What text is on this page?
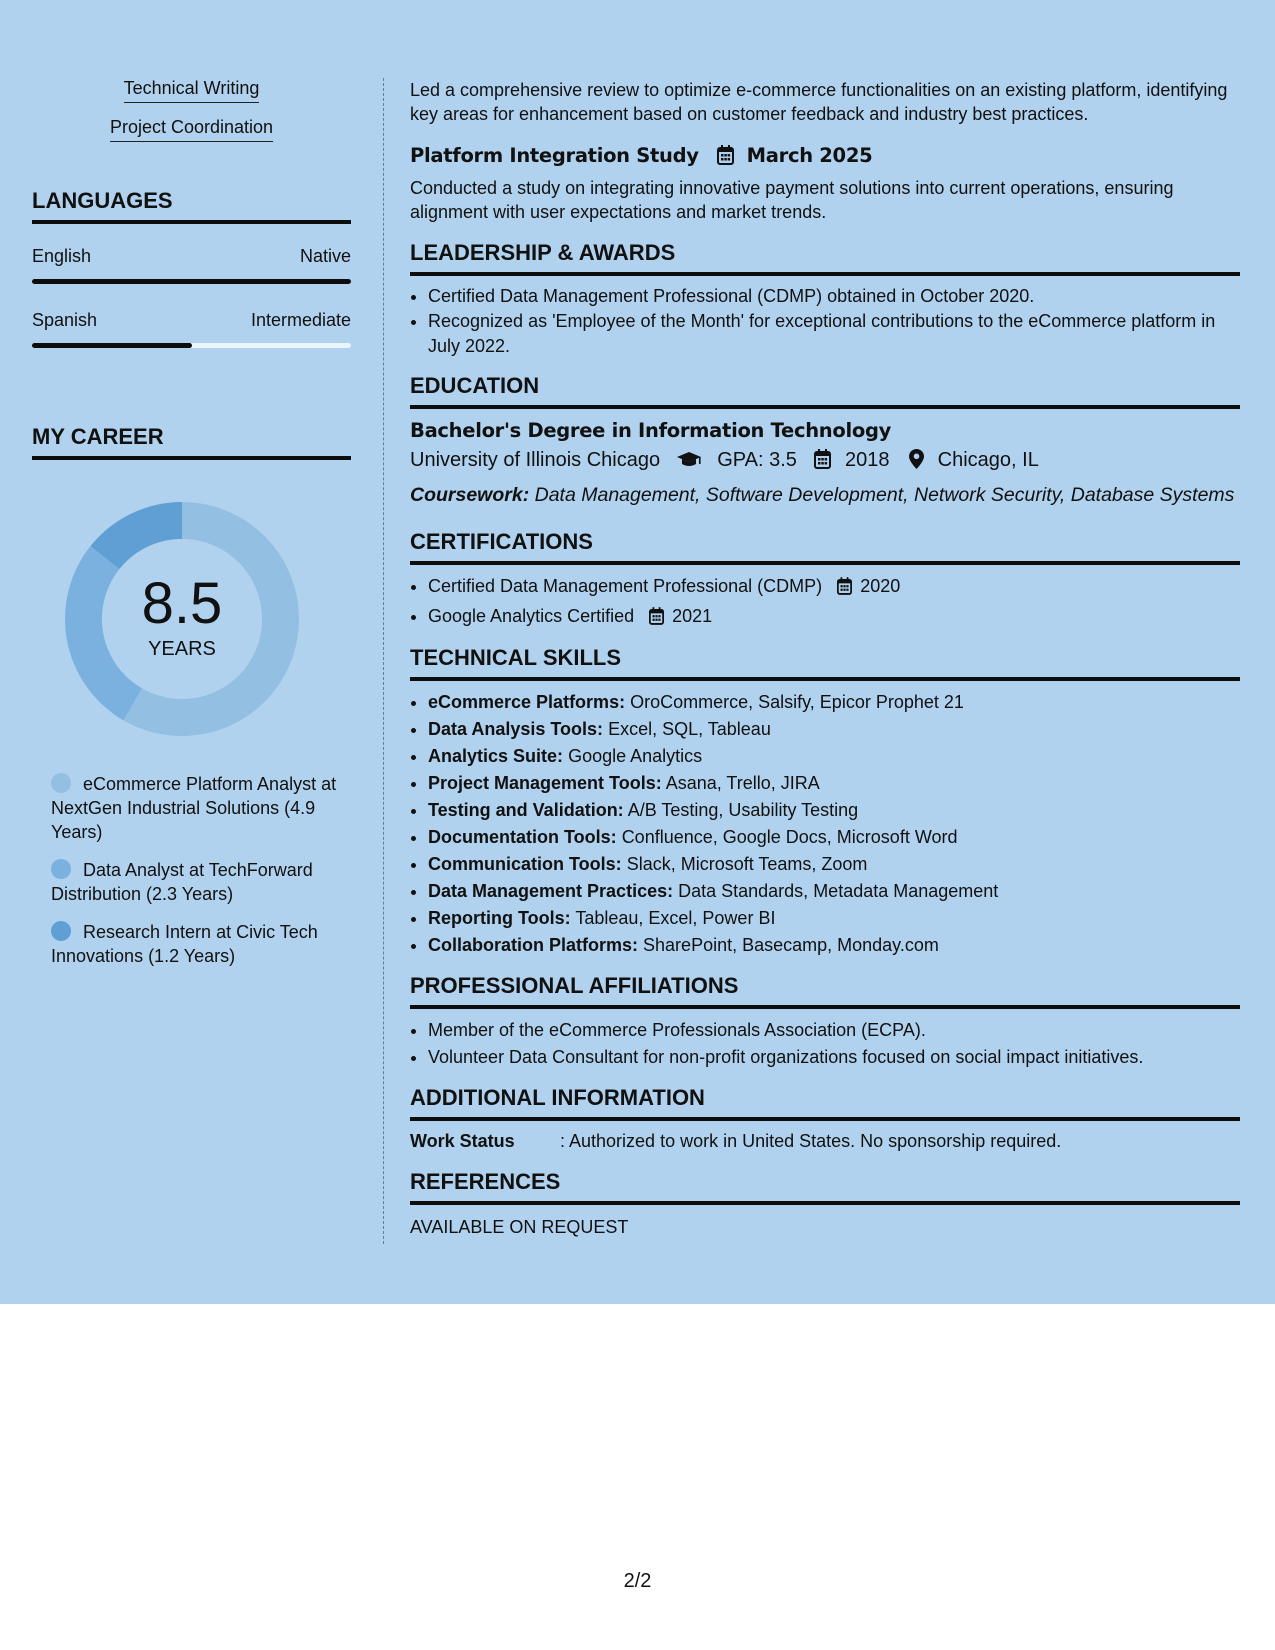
Technical Writing
Project Coordination
LANGUAGES
English	Native
Spanish	Intermediate
MY CAREER
8.5
YEARS
eCommerce Platform Analyst at NextGen Industrial Solutions (4.9 Years)
Data Analyst at TechForward Distribution (2.3 Years)
Research Intern at Civic Tech Innovations (1.2 Years)

Led a comprehensive review to optimize e-commerce functionalities on an existing platform, identifying key areas for enhancement based on customer feedback and industry best practices.

Platform Integration Study March 2025

Conducted a study on integrating innovative payment solutions into current operations, ensuring alignment with user expectations and market trends.

LEADERSHIP & AWARDS
• Certified Data Management Professional (CDMP) obtained in October 2020.
• Recognized as 'Employee of the Month' for exceptional contributions to the eCommerce platform in July 2022.
EDUCATION
Bachelor's Degree in Information Technology
University of Illinois Chicago	GPA: 3.5 2018 Chicago, IL
Coursework: Data Management, Software Development, Network Security, Database Systems
CERTIFICATIONS
• Certified Data Management Professional (CDMP) 2020
• Google Analytics Certified 2021
TECHNICAL SKILLS
• eCommerce Platforms: OroCommerce, Salsify, Epicor Prophet 21
• Data Analysis Tools: Excel, SQL, Tableau
• Analytics Suite: Google Analytics
• Project Management Tools: Asana, Trello, JIRA
• Testing and Validation: A/B Testing, Usability Testing
• Documentation Tools: Confluence, Google Docs, Microsoft Word
• Communication Tools: Slack, Microsoft Teams, Zoom
• Data Management Practices: Data Standards, Metadata Management
• Reporting Tools: Tableau, Excel, Power BI
• Collaboration Platforms: SharePoint, Basecamp, Monday.com
PROFESSIONAL AFFILIATIONS
• Member of the eCommerce Professionals Association (ECPA).
• Volunteer Data Consultant for non-profit organizations focused on social impact initiatives.
ADDITIONAL INFORMATION
Work Status	: Authorized to work in United States. No sponsorship required.
REFERENCES
AVAILABLE ON REQUEST
2/2
